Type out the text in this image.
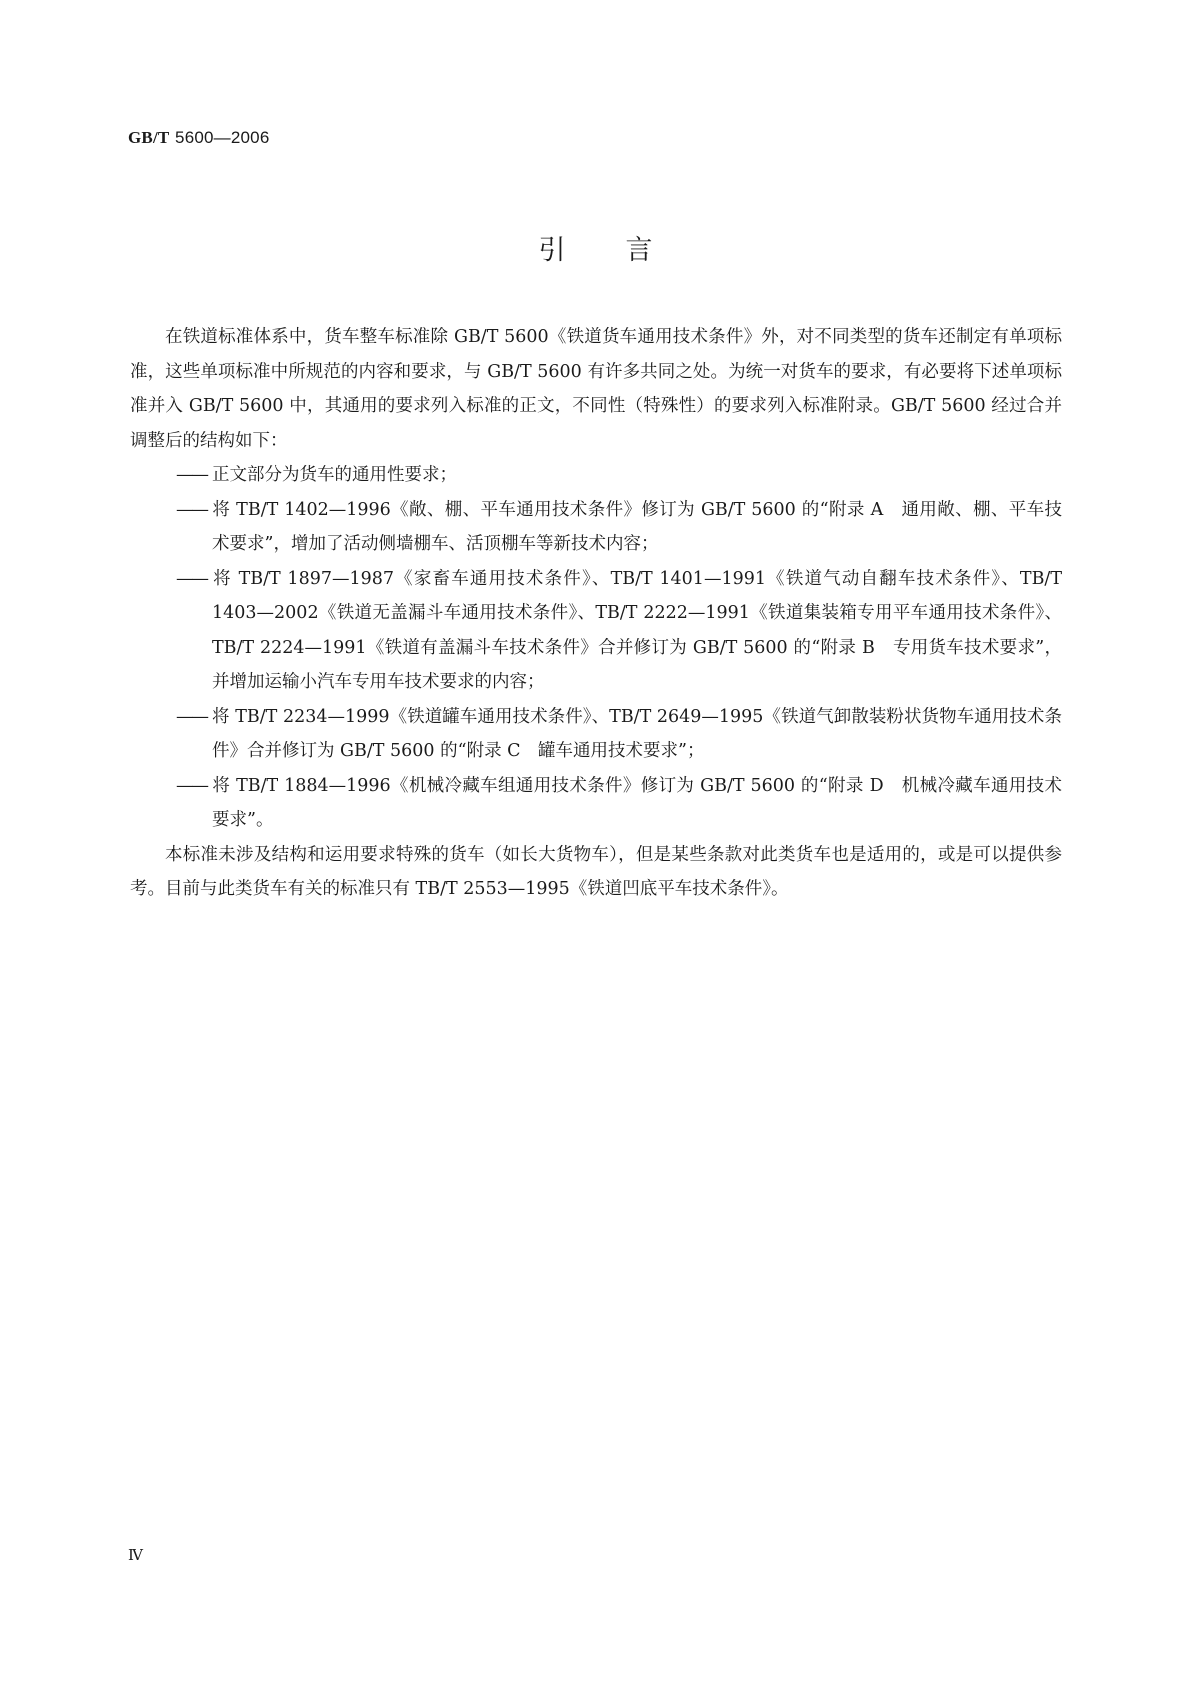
GB/T 5600—2006
引言

在铁道标准体系中，货车整车标准除 GB/T 5600《铁道货车通用技术条件》外，对不同类型的货车还制定有单项标准，这些单项标准中所规范的内容和要求，与 GB/T 5600 有许多共同之处。为统一对货车的要求，有必要将下述单项标准并入 GB/T 5600 中，其通用的要求列入标准的正文，不同性（特殊性）的要求列入标准附录。GB/T 5600 经过合并调整后的结构如下：

—— 正文部分为货车的通用性要求；

—— 将 TB/T 1402—1996《敞、棚、平车通用技术条件》修订为 GB/T 5600 的“附录 A　通用敞、棚、平车技术要求”，增加了活动侧墙棚车、活顶棚车等新技术内容；

—— 将 TB/T 1897—1987《家畜车通用技术条件》、TB/T 1401—1991《铁道气动自翻车技术条件》、TB/T 1403—2002《铁道无盖漏斗车通用技术条件》、TB/T 2222—1991《铁道集装箱专用平车通用技术条件》、TB/T 2224—1991《铁道有盖漏斗车技术条件》合并修订为 GB/T 5600 的“附录 B　专用货车技术要求”，并增加运输小汽车专用车技术要求的内容；

—— 将 TB/T 2234—1999《铁道罐车通用技术条件》、TB/T 2649—1995《铁道气卸散装粉状货物车通用技术条件》合并修订为 GB/T 5600 的“附录 C　罐车通用技术要求”；

—— 将 TB/T 1884—1996《机械冷藏车组通用技术条件》修订为 GB/T 5600 的“附录 D　机械冷藏车通用技术要求”。

本标准未涉及结构和运用要求特殊的货车（如长大货物车），但是某些条款对此类货车也是适用的，或是可以提供参考。目前与此类货车有关的标准只有 TB/T 2553—1995《铁道凹底平车技术条件》。

Ⅳ
